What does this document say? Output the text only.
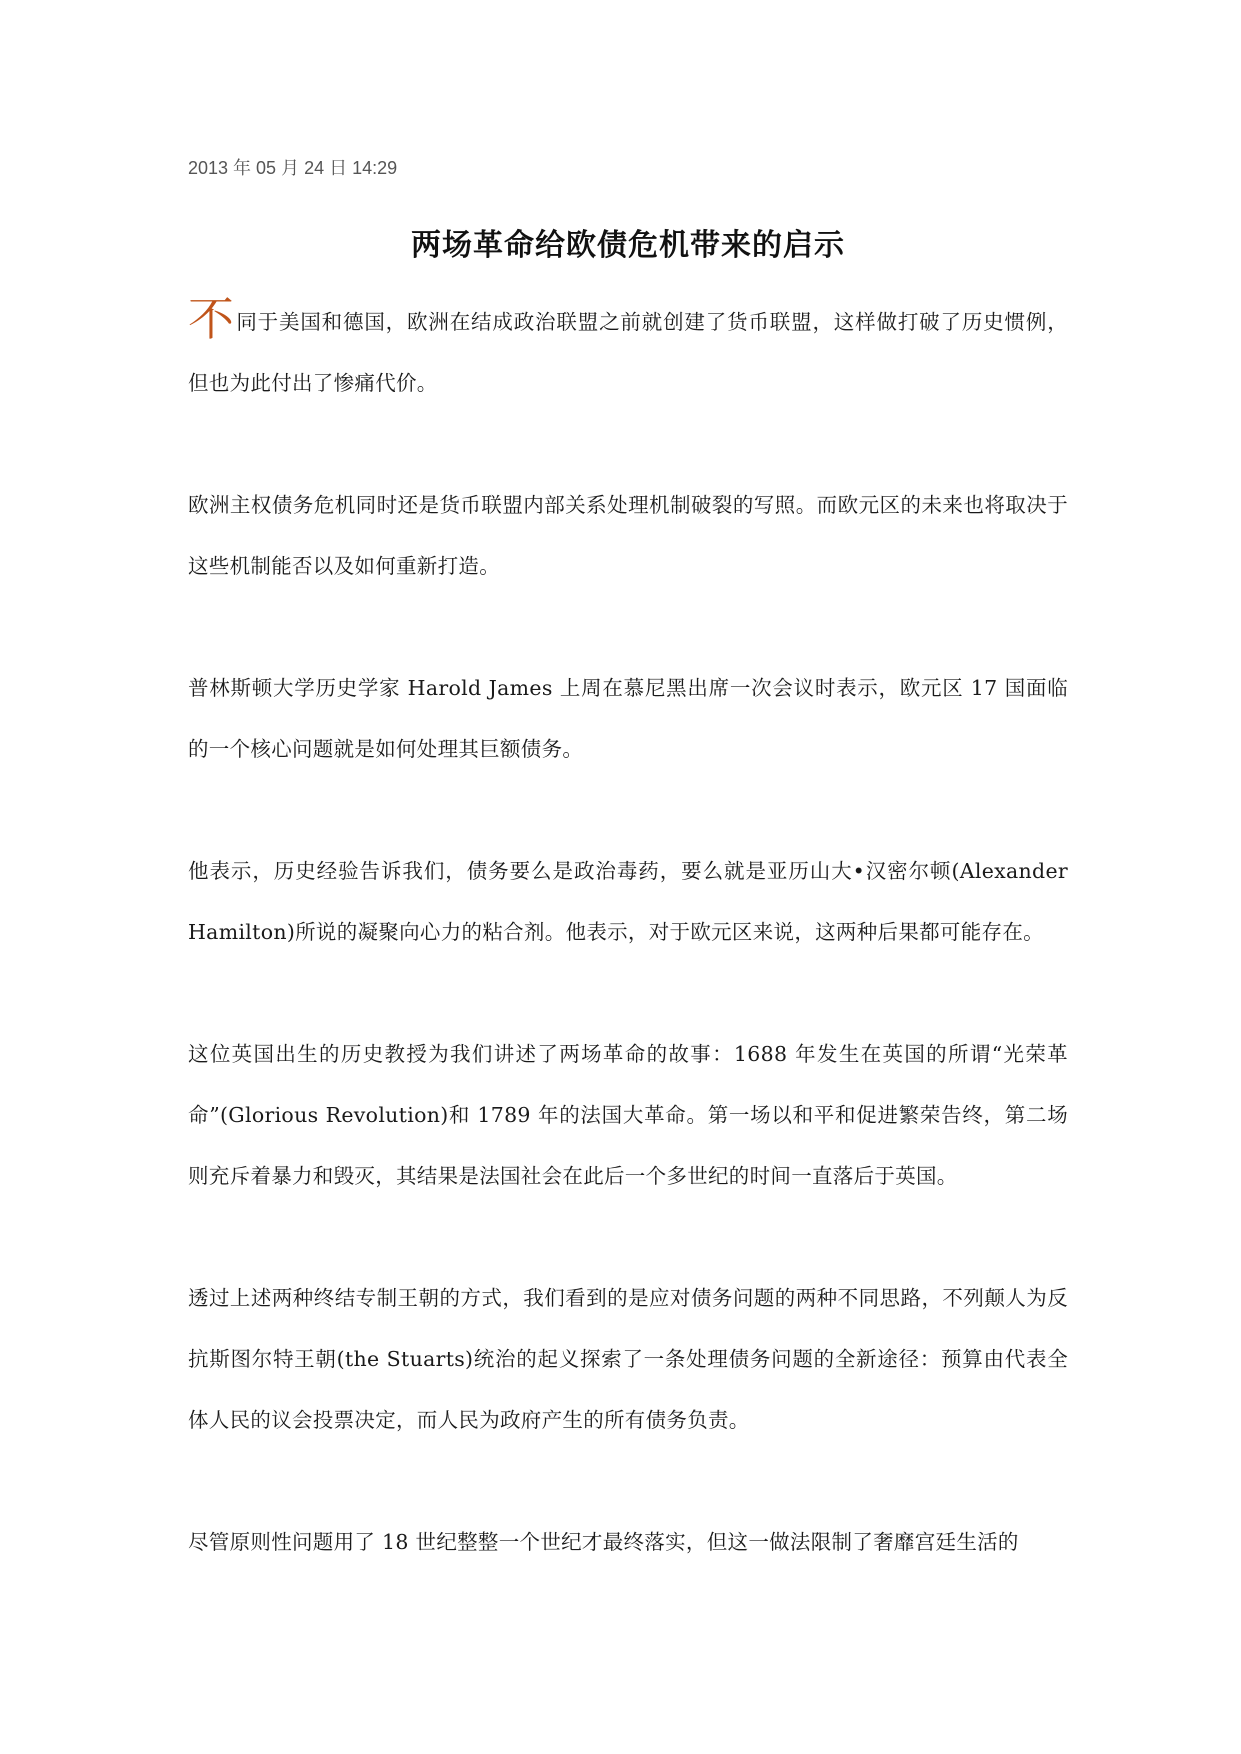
2013 年 05 月 24 日 14:29
两场革命给欧债危机带来的启示

不同于美国和德国，欧洲在结成政治联盟之前就创建了货币联盟，这样做打破了历史惯例，但也为此付出了惨痛代价。

欧洲主权债务危机同时还是货币联盟内部关系处理机制破裂的写照。而欧元区的未来也将取决于这些机制能否以及如何重新打造。

普林斯顿大学历史学家 Harold James 上周在慕尼黑出席一次会议时表示，欧元区 17 国面临的一个核心问题就是如何处理其巨额债务。

他表示，历史经验告诉我们，债务要么是政治毒药，要么就是亚历山大•汉密尔顿(Alexander Hamilton)所说的凝聚向心力的粘合剂。他表示，对于欧元区来说，这两种后果都可能存在。

这位英国出生的历史教授为我们讲述了两场革命的故事：1688 年发生在英国的所谓“光荣革命”(Glorious Revolution)和 1789 年的法国大革命。第一场以和平和促进繁荣告终，第二场则充斥着暴力和毁灭，其结果是法国社会在此后一个多世纪的时间一直落后于英国。

透过上述两种终结专制王朝的方式，我们看到的是应对债务问题的两种不同思路，不列颠人为反抗斯图尔特王朝(the Stuarts)统治的起义探索了一条处理债务问题的全新途径：预算由代表全体人民的议会投票决定，而人民为政府产生的所有债务负责。

尽管原则性问题用了 18 世纪整整一个世纪才最终落实，但这一做法限制了奢靡宫廷生活的
